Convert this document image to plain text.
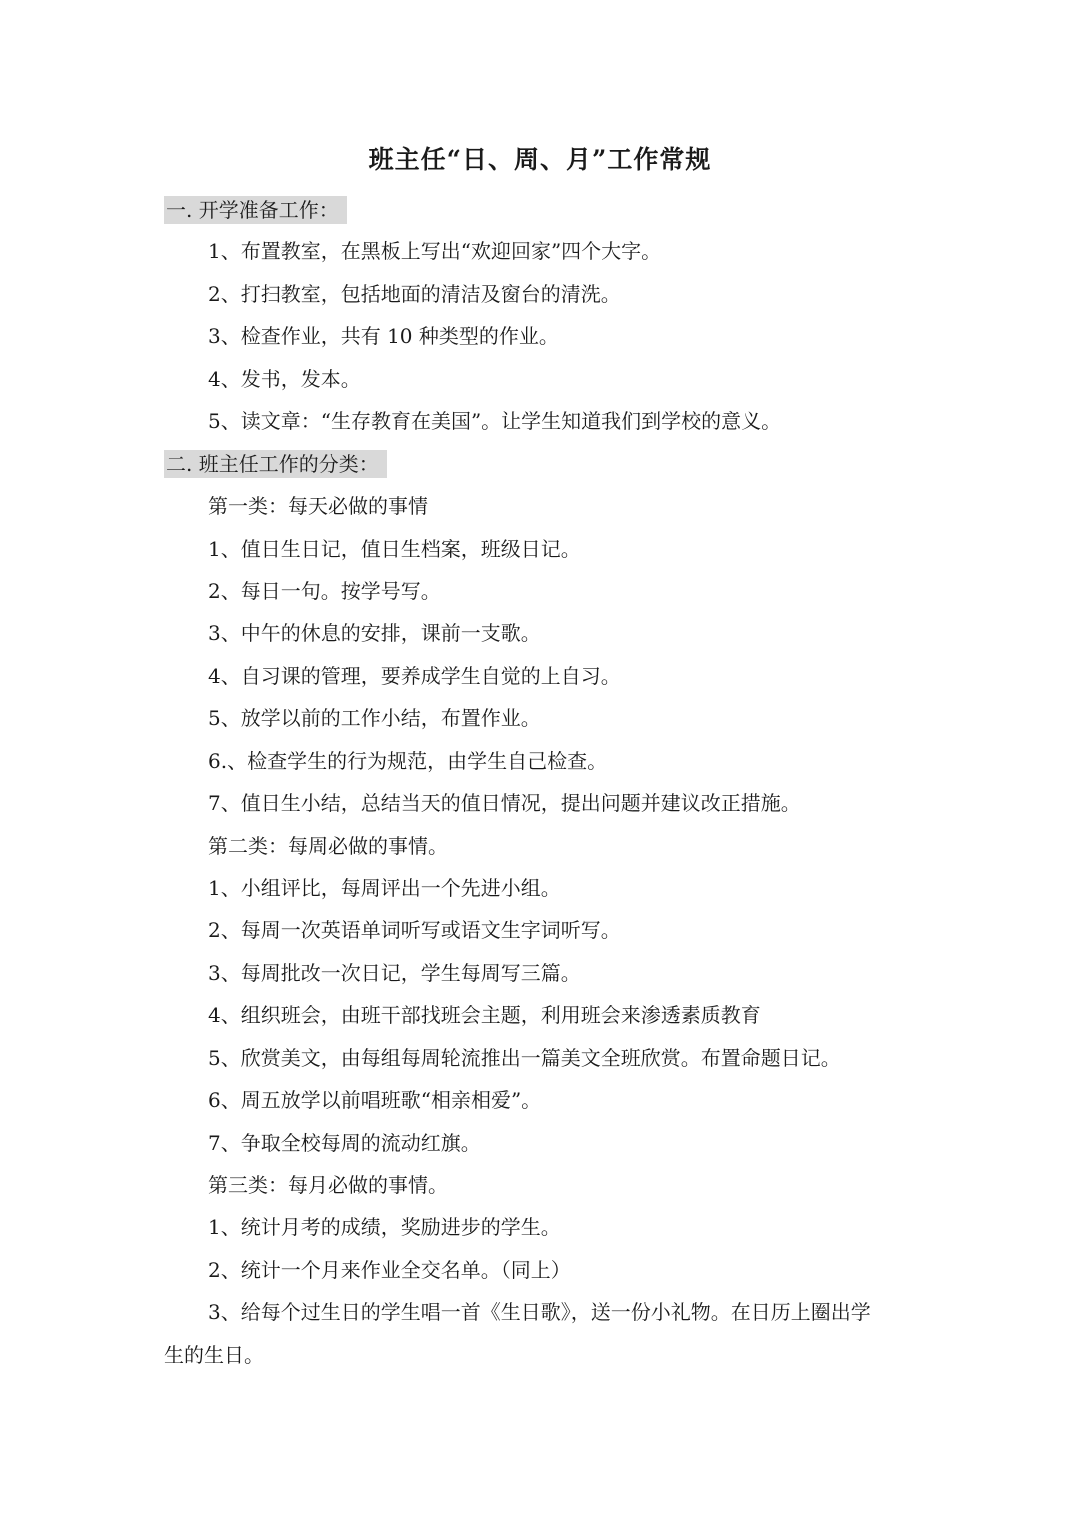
班主任“日、周、月”工作常规
一. 开学准备工作：
1、布置教室，在黑板上写出“欢迎回家”四个大字。
2、打扫教室，包括地面的清洁及窗台的清洗。
3、检查作业，共有 10 种类型的作业。
4、发书，发本。
5、读文章：“生存教育在美国”。让学生知道我们到学校的意义。
二. 班主任工作的分类：
第一类：每天必做的事情
1、值日生日记，值日生档案，班级日记。
2、每日一句。按学号写。
3、中午的休息的安排，课前一支歌。
4、自习课的管理，要养成学生自觉的上自习。
5、放学以前的工作小结，布置作业。
6.、检查学生的行为规范，由学生自己检查。
7、值日生小结，总结当天的值日情况，提出问题并建议改正措施。
第二类：每周必做的事情。
1、小组评比，每周评出一个先进小组。
2、每周一次英语单词听写或语文生字词听写。
3、每周批改一次日记，学生每周写三篇。
4、组织班会，由班干部找班会主题，利用班会来渗透素质教育
5、欣赏美文，由每组每周轮流推出一篇美文全班欣赏。布置命题日记。
6、周五放学以前唱班歌“相亲相爱”。
7、争取全校每周的流动红旗。
第三类：每月必做的事情。
1、统计月考的成绩，奖励进步的学生。
2、统计一个月来作业全交名单。（同上）
3、给每个过生日的学生唱一首《生日歌》，送一份小礼物。在日历上圈出学
生的生日。
